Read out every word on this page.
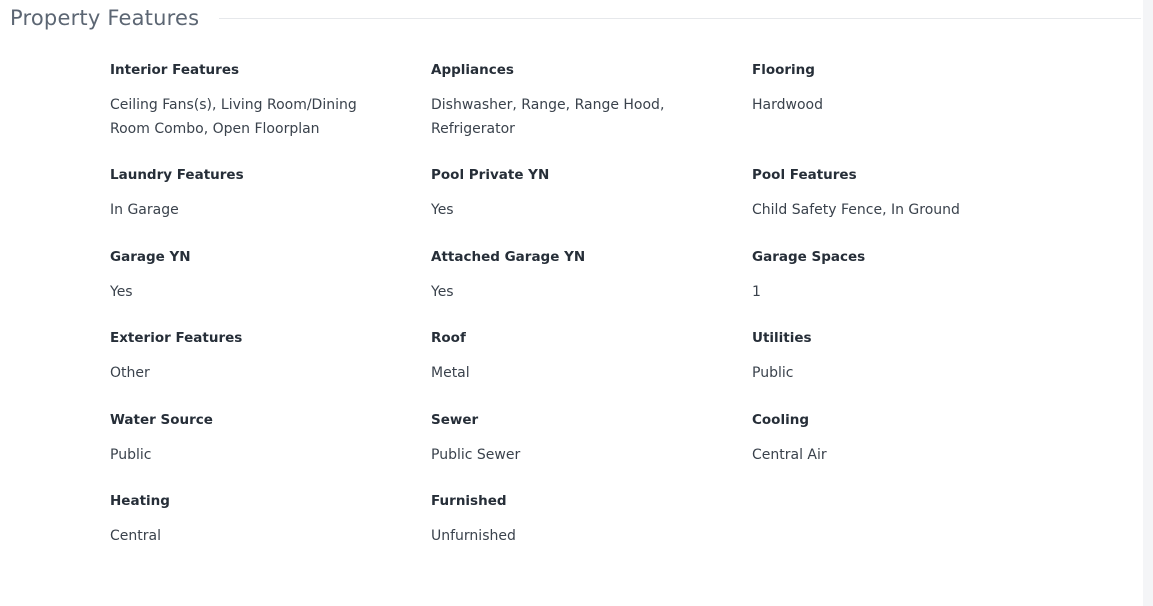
Property Features
Interior Features
Ceiling Fans(s), Living Room/Dining Room Combo, Open Floorplan
Appliances
Dishwasher, Range, Range Hood, Refrigerator
Flooring
Hardwood
Laundry Features
In Garage
Pool Private YN
Yes
Pool Features
Child Safety Fence, In Ground
Garage YN
Yes
Attached Garage YN
Yes
Garage Spaces
1
Exterior Features
Other
Roof
Metal
Utilities
Public
Water Source
Public
Sewer
Public Sewer
Cooling
Central Air
Heating
Central
Furnished
Unfurnished
